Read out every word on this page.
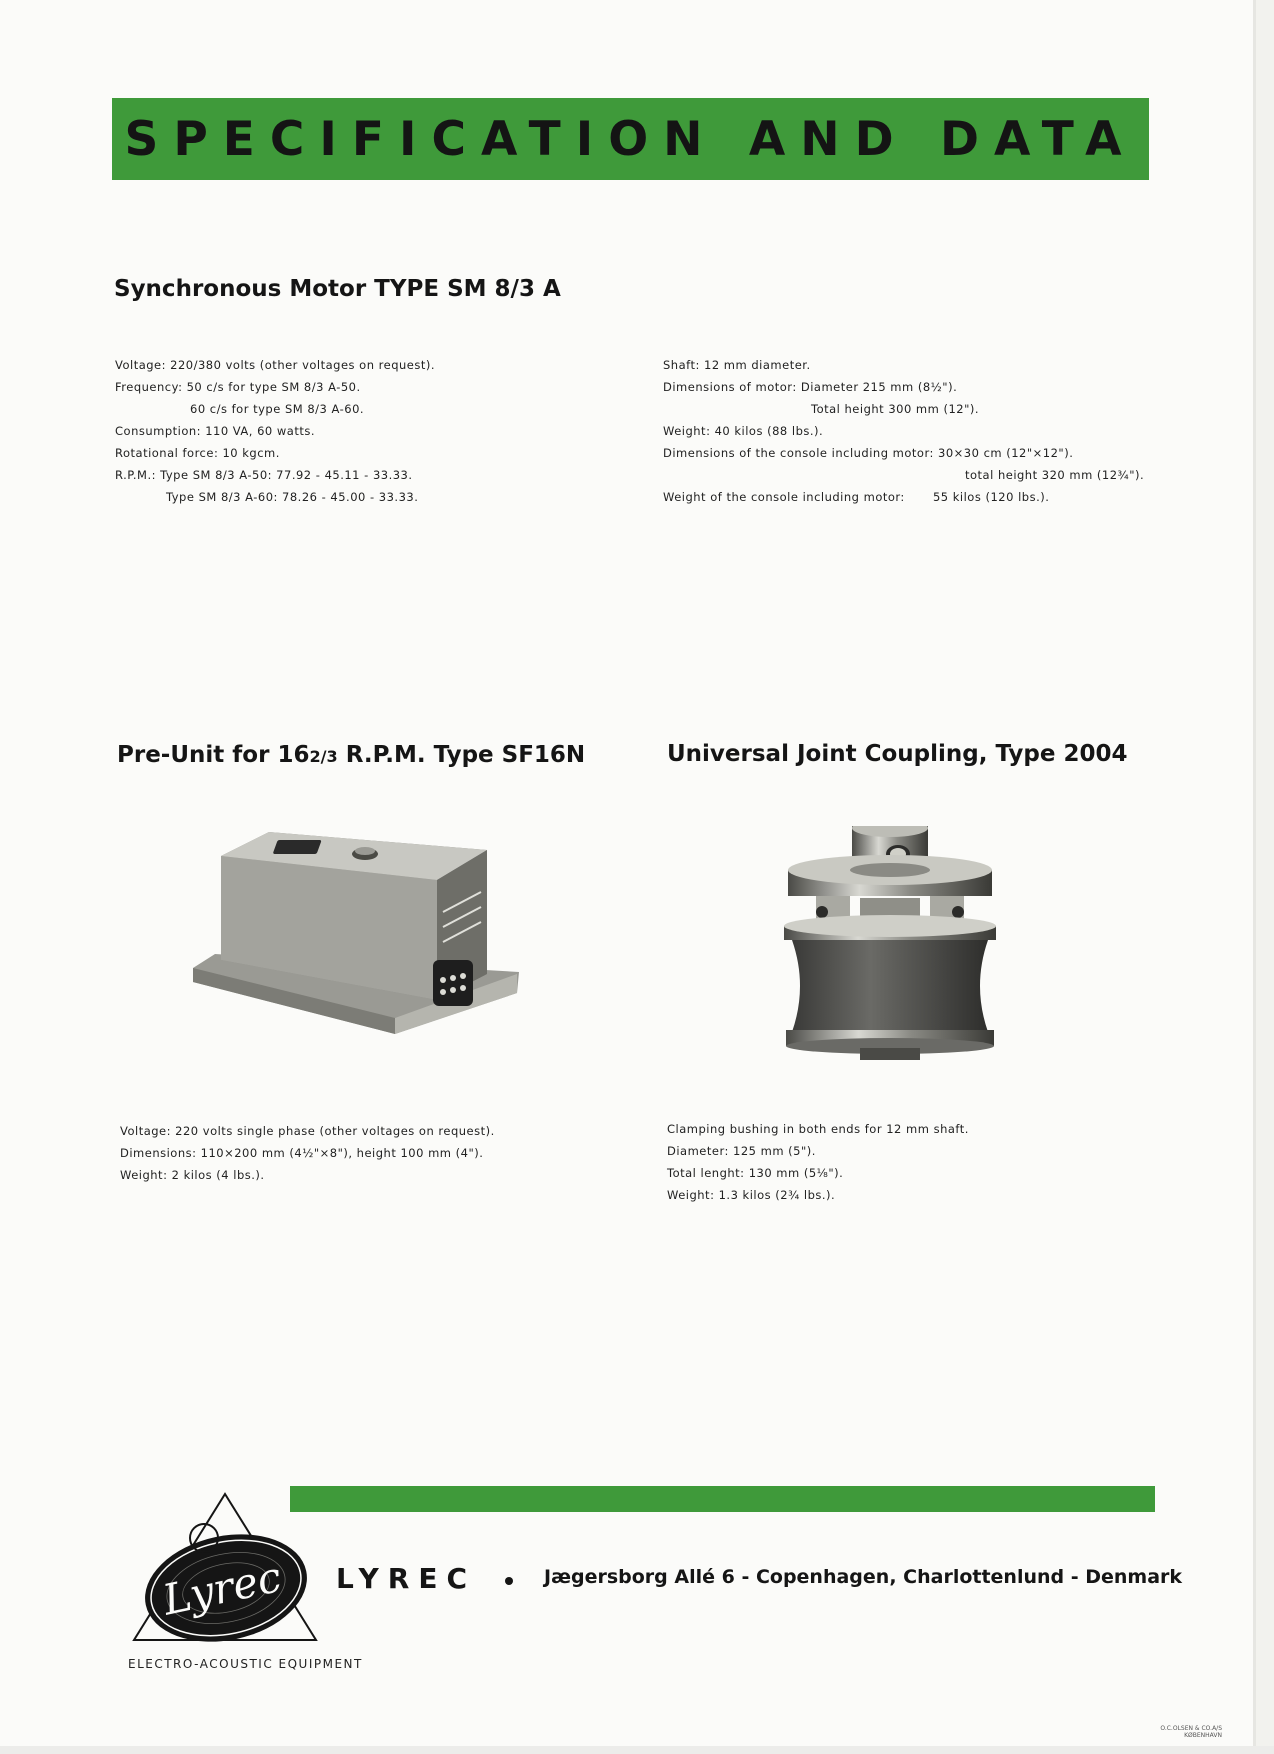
SPECIFICATION AND DATA
Synchronous Motor TYPE SM 8/3 A
Voltage: 220/380 volts (other voltages on request).
Frequency: 50 c/s for type SM 8/3 A-50.
60 c/s for type SM 8/3 A-60.
Consumption: 110 VA, 60 watts.
Rotational force: 10 kgcm.
R.P.M.: Type SM 8/3 A-50: 77.92 - 45.11 - 33.33.
Type SM 8/3 A-60: 78.26 - 45.00 - 33.33.
Shaft: 12 mm diameter.
Dimensions of motor: Diameter 215 mm (8½").
Total height 300 mm (12").
Weight: 40 kilos (88 lbs.).
Dimensions of the console including motor: 30×30 cm (12"×12").
total height 320 mm (12¾").
Weight of the console including motor: 55 kilos (120 lbs.).
Pre-Unit for 162/3 R.P.M. Type SF16N
Voltage: 220 volts single phase (other voltages on request).
Dimensions: 110×200 mm (4½"×8"), height 100 mm (4").
Weight: 2 kilos (4 lbs.).
Universal Joint Coupling, Type 2004
Clamping bushing in both ends for 12 mm shaft.
Diameter: 125 mm (5").
Total lenght: 130 mm (5⅛").
Weight: 1.3 kilos (2¾ lbs.).
Lyrec LYREC	Jægersborg Allé 6 - Copenhagen, Charlottenlund - Denmark
ELECTRO-ACOUSTIC EQUIPMENT
O.C.OLSEN & CO.A/S
KØBENHAVN
